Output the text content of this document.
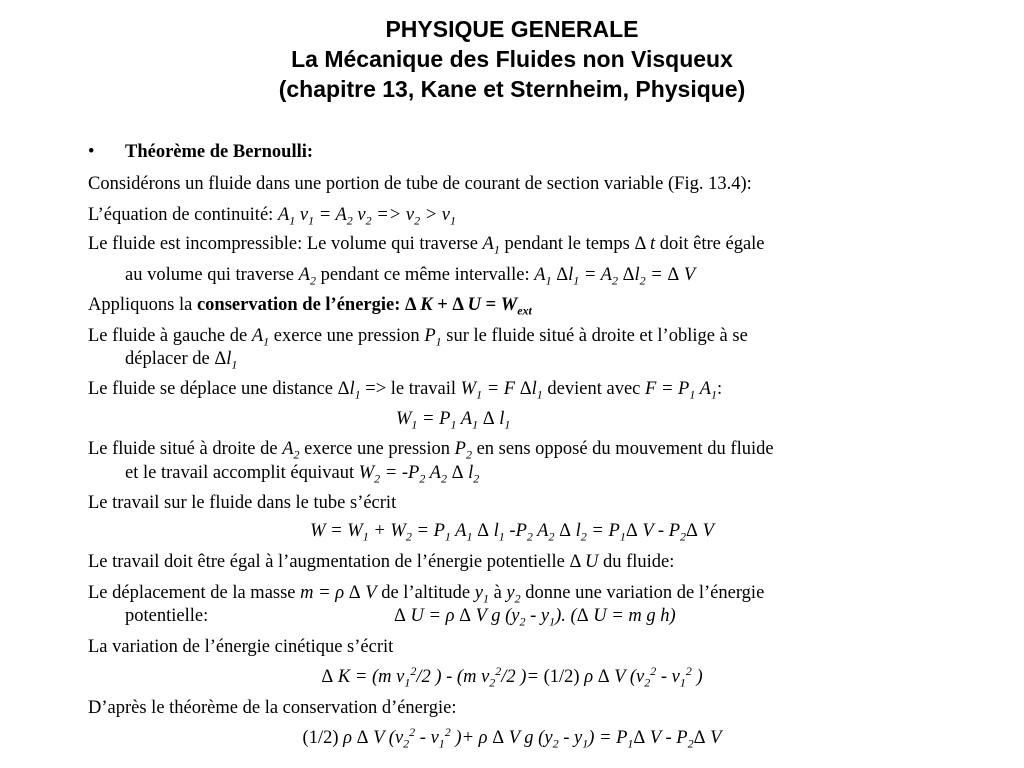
PHYSIQUE GENERALE
La Mécanique des Fluides non Visqueux
(chapitre 13, Kane et Sternheim, Physique)
• Théorème de Bernoulli:
Considérons un fluide dans une portion de tube de courant de section variable (Fig. 13.4):
L’équation de continuité: $A_1$ $v_1 = A_2$ $v_2 => v_2 > v_1$
Le fluide est incompressible: Le volume qui traverse $A_1$ pendant le temps Δ t doit être égale
au volume qui traverse $A_2$ pendant ce même intervalle: $A_1$ $\Delta l_1 = A_2$ $\Delta l_2 = \Delta$ V
Appliquons la conservation de l’énergie: Δ K + Δ $U = W_{ext}$
Le fluide à gauche de $A_1$ exerce une pression $P_1$ sur le fluide situé à droite et l’oblige à se
déplacer de $\Delta l_1$
Le fluide se déplace une distance $\Delta l_1$ => le travail $W_1 = F$ $\Delta l_1$ devient avec $F = P_1$ $A_1$:
$W_1 = P_1$ $A_1$ Δ $l_1$
Le fluide situé à droite de $A_2$ exerce une pression $P_2$ en sens opposé du mouvement du fluide
et le travail accomplit équivaut $W_2 = -P_2$ $A_2$ Δ $l_2$
Le travail sur le fluide dans le tube s’écrit
$W = W_1 + W_2 = P_1$ $A_1$ Δ $l_1$ $-P_2$ $A_2$ Δ $l_2 = P_1\Delta$ V - $P_2\Delta$ V
Le travail doit être égal à l’augmentation de l’énergie potentielle Δ U du fluide:
Le déplacement de la masse m = ρ Δ V de l’altitude $y_1$ à $y_2$ donne une variation de l’énergie
potentielle:	Δ U = ρ Δ V g $(y_2 - y_1)$. (Δ U = m g h)
La variation de l’énergie cinétique s’écrit
Δ K = (m $v_1^2/2$ ) - (m $v_2^2/2$ )= (1/2) ρ Δ V ($v_2^2 - v_1^2$ )
D’après le théorème de la conservation d’énergie:
(1/2) ρ Δ V ($v_2^2 - v_1^2$ )+ ρ Δ V g $(y_2 - y_1) = P_1\Delta$ V - $P_2\Delta$ V
